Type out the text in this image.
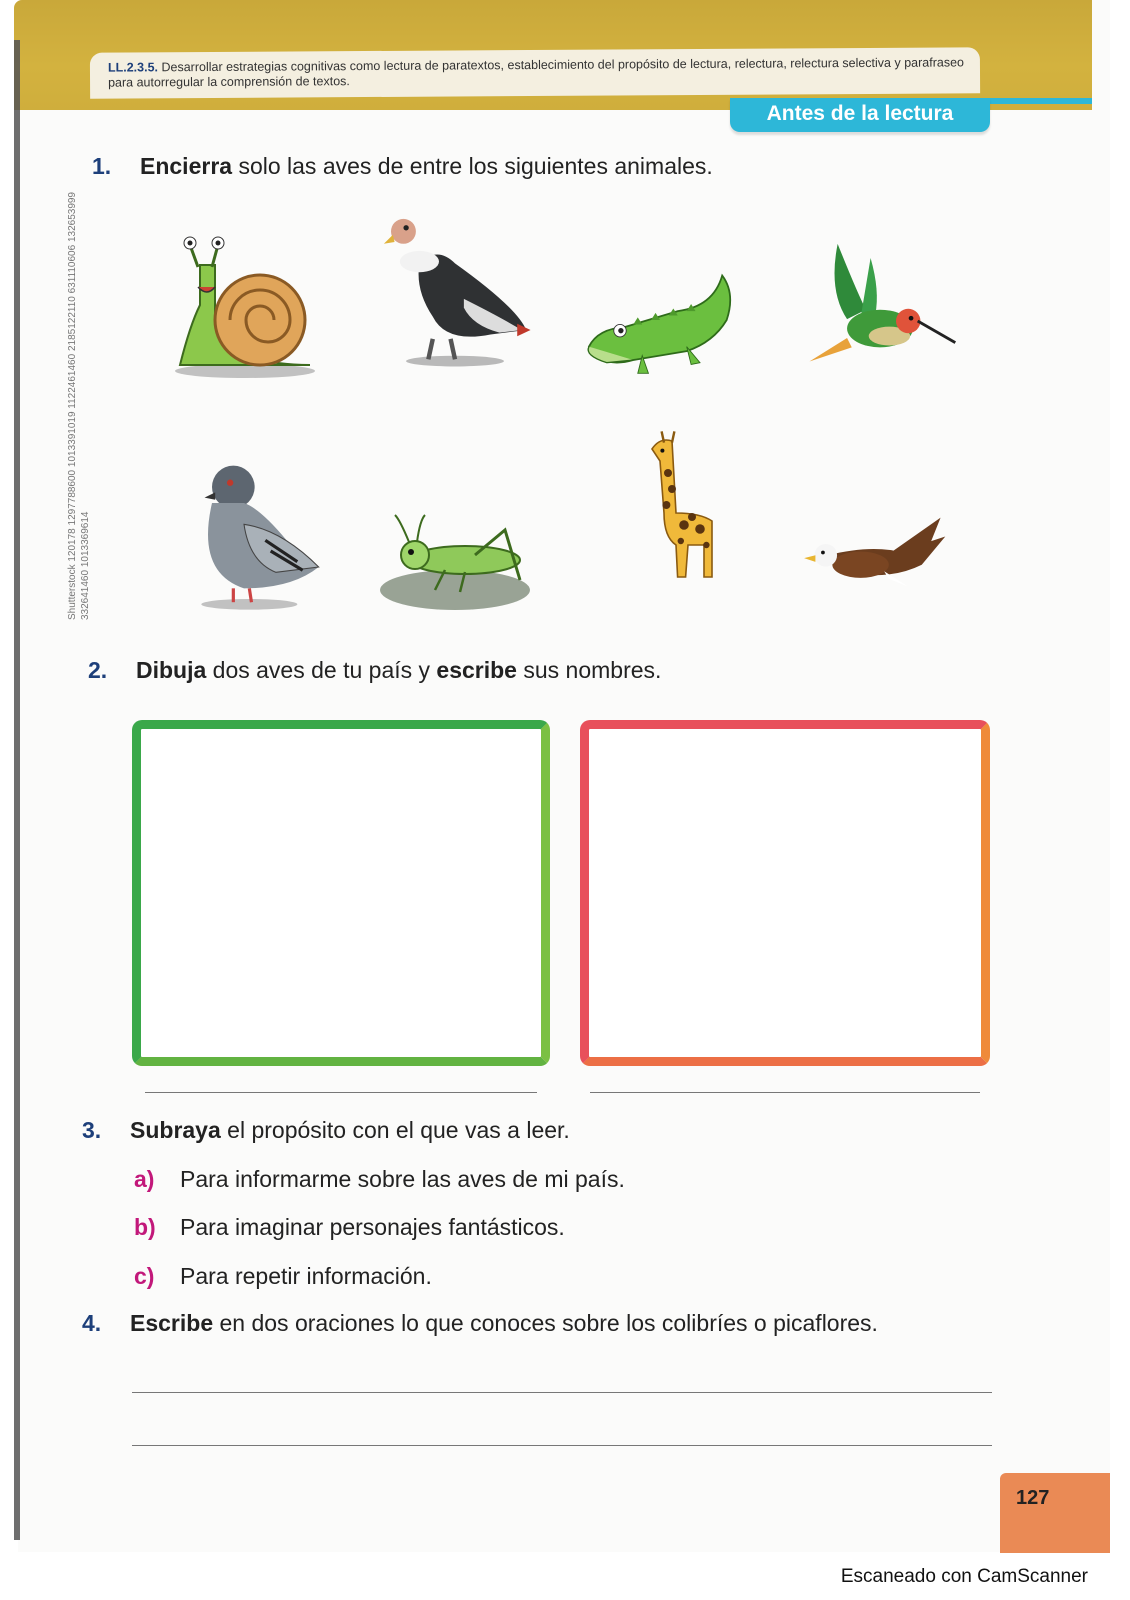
LL.2.3.5. Desarrollar estrategias cognitivas como lectura de paratextos, establecimiento del propósito de lectura, relectura, relectura selectiva y parafraseo para autorregular la comprensión de textos.
Antes de la lectura
Shutterstock 120178 1297788600 1013391019 1122461460 2185122110 631110606 132653999 332641460 1013369614
1. Encierra solo las aves de entre los siguientes animales.
2. Dibuja dos aves de tu país y escribe sus nombres.
3. Subraya el propósito con el que vas a leer.
a) Para informarme sobre las aves de mi país.
b) Para imaginar personajes fantásticos.
c) Para repetir información.
4. Escribe en dos oraciones lo que conoces sobre los colibríes o picaflores.
127
Escaneado con CamScanner
